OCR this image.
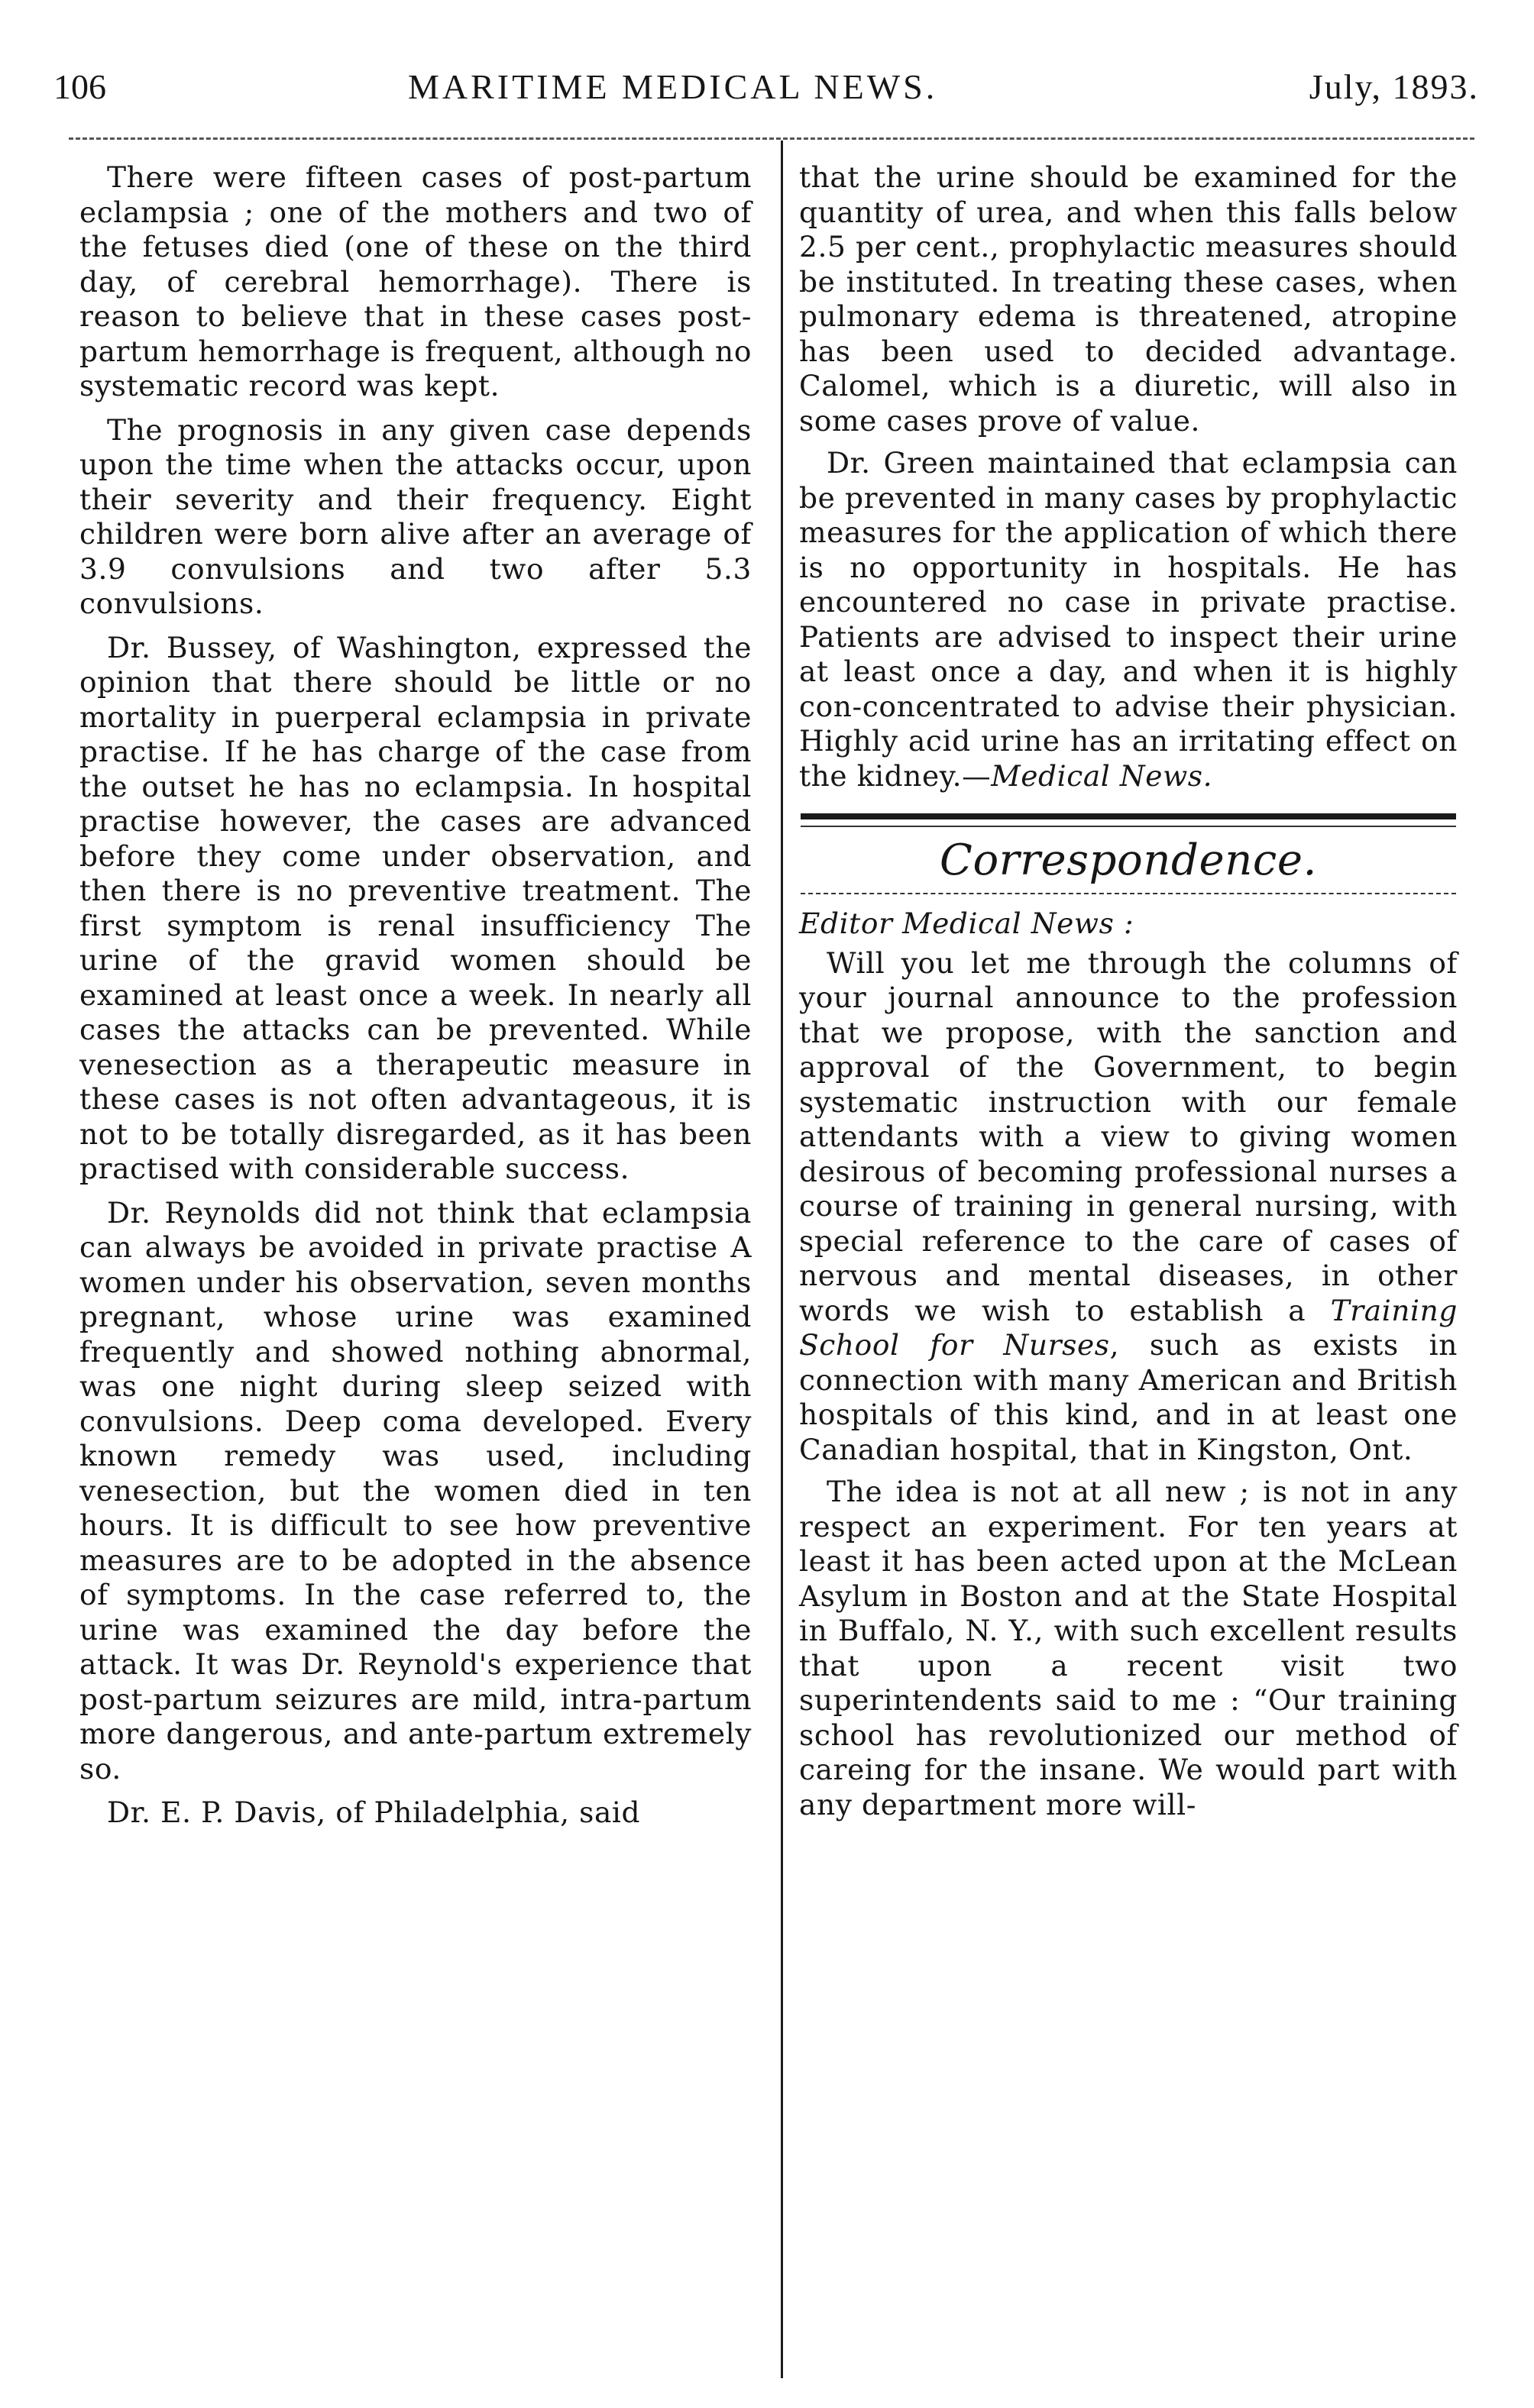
106	MARITIME MEDICAL NEWS.	July, 1893.

There were fifteen cases of post-partum eclampsia ; one of the mothers and two of the fetuses died (one of these on the third day, of cerebral hemorrhage). There is reason to believe that in these cases post-partum hemorrhage is frequent, although no systematic record was kept.

The prognosis in any given case depends upon the time when the attacks occur, upon their severity and their frequency. Eight children were born alive after an average of 3.9 convulsions and two after 5.3 convulsions.

Dr. Bussey, of Washington, expressed the opinion that there should be little or no mortality in puerperal eclampsia in private practise. If he has charge of the case from the outset he has no eclampsia. In hospital practise however, the cases are advanced before they come under observation, and then there is no preventive treatment. The first symptom is renal insufficiency The urine of the gravid women should be examined at least once a week. In nearly all cases the attacks can be prevented. While venesection as a therapeutic measure in these cases is not often advantageous, it is not to be totally disregarded, as it has been practised with considerable success.

Dr. Reynolds did not think that eclampsia can always be avoided in private practise A women under his observation, seven months pregnant, whose urine was examined frequently and showed nothing abnormal, was one night during sleep seized with convulsions. Deep coma developed. Every known remedy was used, including venesection, but the women died in ten hours. It is difficult to see how preventive measures are to be adopted in the absence of symptoms. In the case referred to, the urine was examined the day before the attack. It was Dr. Reynold's experience that post-partum seizures are mild, intra-partum more dangerous, and ante-partum extremely so.

Dr. E. P. Davis, of Philadelphia, said

that the urine should be examined for the quantity of urea, and when this falls below 2.5 per cent., prophylactic measures should be instituted. In treating these cases, when pulmonary edema is threatened, atropine has been used to decided advantage. Calomel, which is a diuretic, will also in some cases prove of value.

Dr. Green maintained that eclampsia can be prevented in many cases by prophylactic measures for the application of which there is no opportunity in hospitals. He has encountered no case in private practise. Patients are advised to inspect their urine at least once a day, and when it is highly con-concentrated to advise their physician. Highly acid urine has an irritating effect on the kidney.—Medical News.

Correspondence.

Editor Medical News :

Will you let me through the columns of your journal announce to the profession that we propose, with the sanction and approval of the Government, to begin systematic instruction with our female attendants with a view to giving women desirous of becoming professional nurses a course of training in general nursing, with special reference to the care of cases of nervous and mental diseases, in other words we wish to establish a Training School for Nurses, such as exists in connection with many American and British hospitals of this kind, and in at least one Canadian hospital, that in Kingston, Ont.

The idea is not at all new ; is not in any respect an experiment. For ten years at least it has been acted upon at the McLean Asylum in Boston and at the State Hospital in Buffalo, N. Y., with such excellent results that upon a recent visit two superintendents said to me : “Our training school has revolutionized our method of careing for the insane. We would part with any department more will-
